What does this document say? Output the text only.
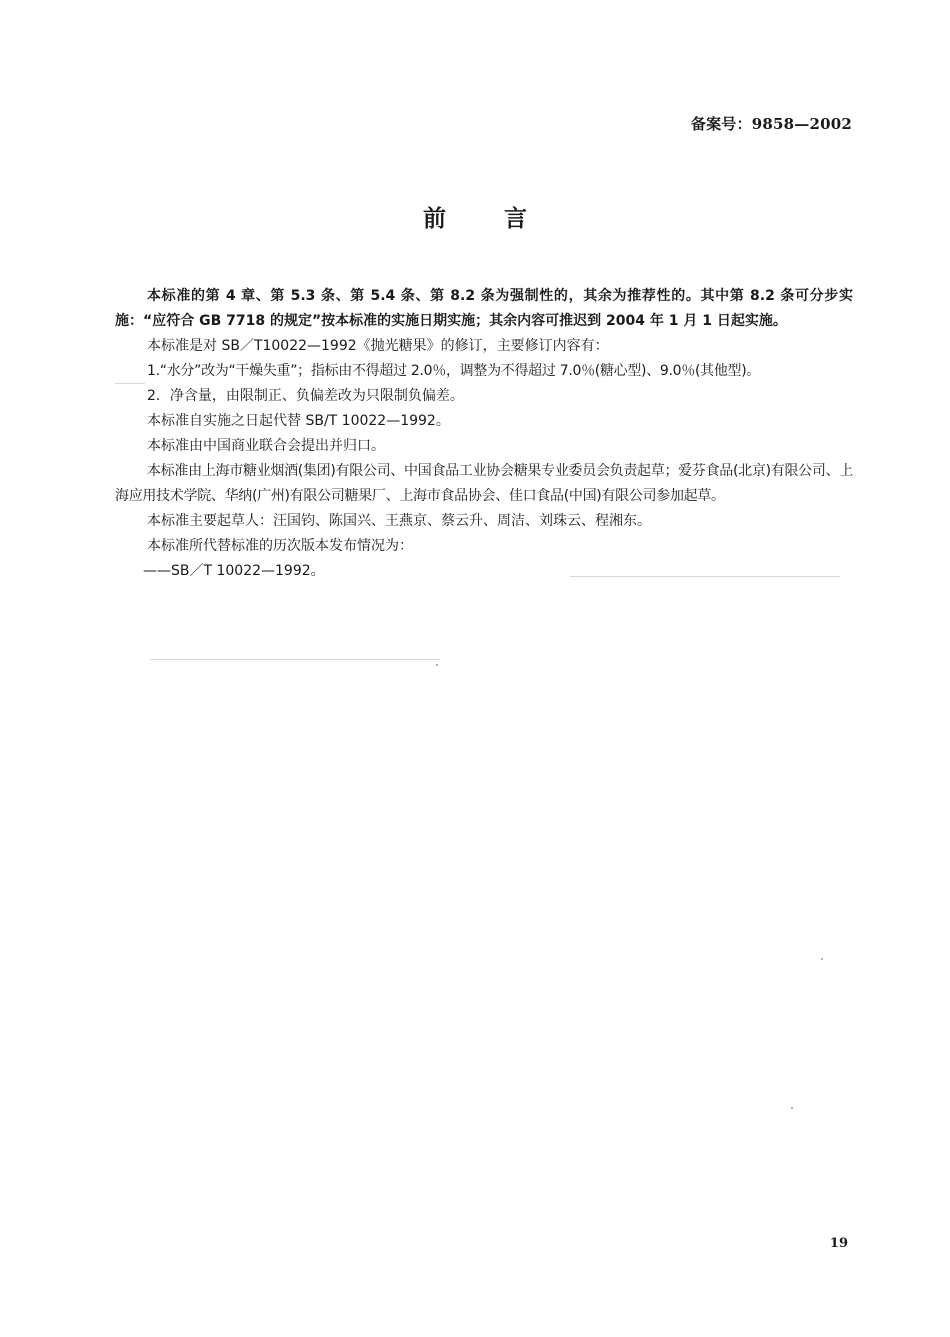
备案号：9858—2002
前言

本标准的第 4 章、第 5.3 条、第 5.4 条、第 8.2 条为强制性的，其余为推荐性的。其中第 8.2 条可分步实施：“应符合 GB 7718 的规定”按本标准的实施日期实施；其余内容可推迟到 2004 年 1 月 1 日起实施。

本标准是对 SB／T10022—1992《抛光糖果》的修订，主要修订内容有：

1.“水分”改为“干燥失重”；指标由不得超过 2.0％，调整为不得超过 7.0％(糖心型)、9.0％(其他型)。

2．净含量，由限制正、负偏差改为只限制负偏差。

本标准自实施之日起代替 SB/T 10022—1992。

本标准由中国商业联合会提出并归口。

本标准由上海市糖业烟酒(集团)有限公司、中国食品工业协会糖果专业委员会负责起草；爱芬食品(北京)有限公司、上海应用技术学院、华纳(广州)有限公司糖果厂、上海市食品协会、佳口食品(中国)有限公司参加起草。

本标准主要起草人：汪国钧、陈国兴、王燕京、蔡云升、周洁、刘珠云、程湘东。

本标准所代替标准的历次版本发布情况为：

——SB／T 10022—1992。

19
